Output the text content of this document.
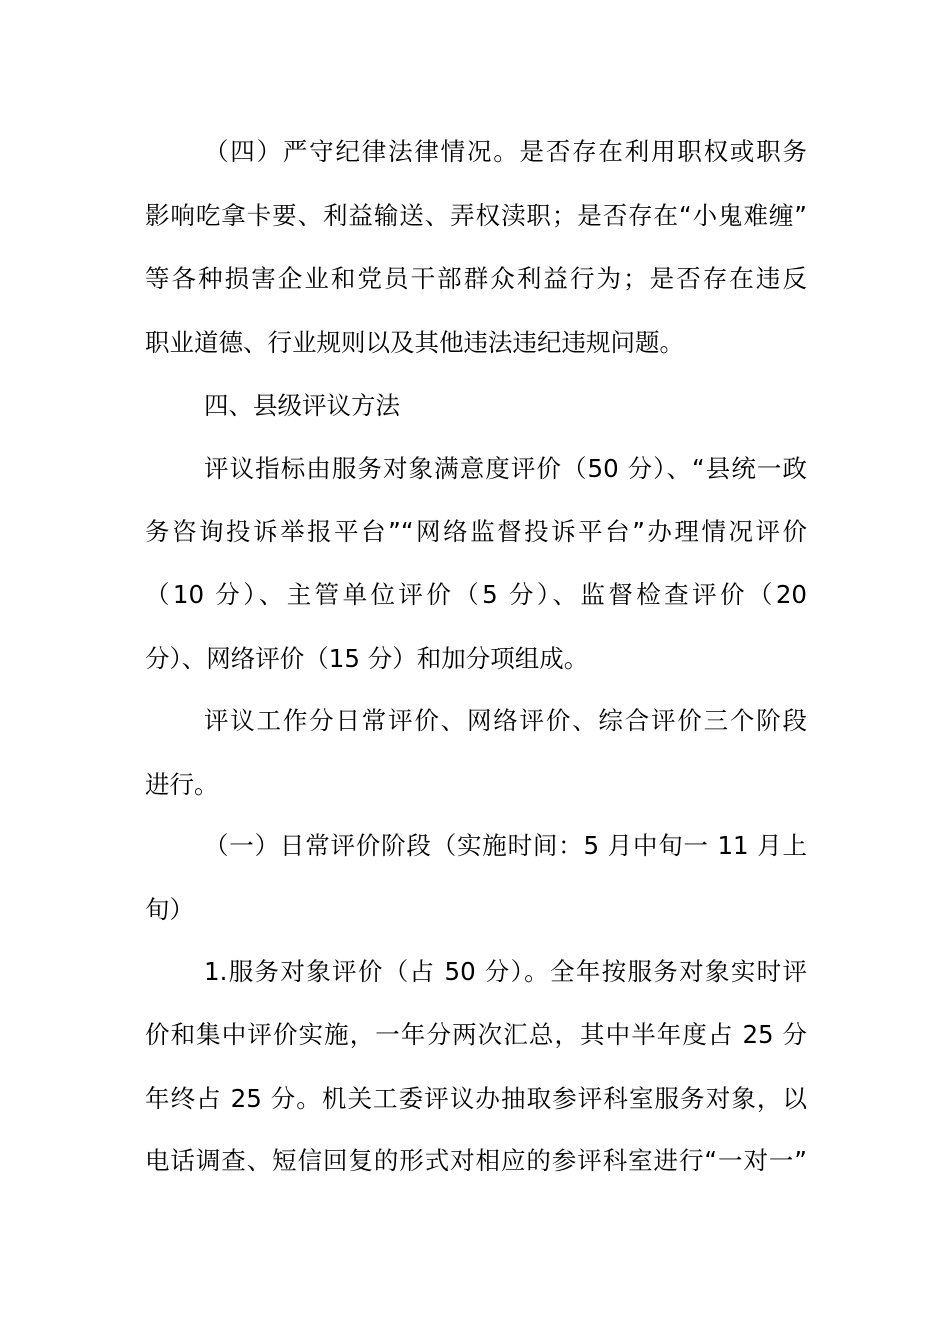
（四）严守纪律法律情况。是否存在利用职权或职务
影响吃拿卡要、利益输送、弄权渎职；是否存在“小鬼难缠”
等各种损害企业和党员干部群众利益行为；是否存在违反
职业道德、行业规则以及其他违法违纪违规问题。
四、县级评议方法
评议指标由服务对象满意度评价（50 分）、“县统一政
务咨询投诉举报平台”“网络监督投诉平台”办理情况评价
（10 分）、主管单位评价（5 分）、监督检查评价（20
分）、网络评价（15 分）和加分项组成。
评议工作分日常评价、网络评价、综合评价三个阶段
进行。
（一）日常评价阶段（实施时间：5 月中旬一 11 月上
旬）
1.服务对象评价（占 50 分）。全年按服务对象实时评
价和集中评价实施，一年分两次汇总，其中半年度占 25 分
年终占 25 分。机关工委评议办抽取参评科室服务对象，以
电话调查、短信回复的形式对相应的参评科室进行“一对一”
